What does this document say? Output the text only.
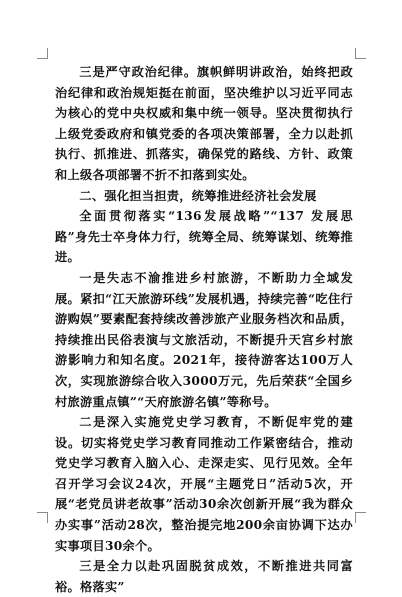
三是严守政治纪律。旗帜鲜明讲政治，始终把政治纪律和政治规矩挺在前面，坚决维护以习近平同志为核心的党中央权威和集中统一领导。坚决贯彻执行上级党委政府和镇党委的各项决策部署，全力以赴抓执行、抓推进、抓落实，确保党的路线、方针、政策和上级各项部署不折不扣落到实处。

二、强化担当担责，统筹推进经济社会发展

全面贯彻落实“136发展战略”“137 发展思路”身先士卒身体力行，统筹全局、统筹谋划、统筹推进。

一是失志不渝推进乡村旅游，不断助力全域发展。紧扣“江天旅游环线”发展机遇，持续完善“吃住行游购娱”要素配套持续改善涉旅产业服务档次和品质，持续推出民俗表演与文旅活动，不断提升天宫乡村旅游影响力和知名度。2021年，接待游客达100万人次，实现旅游综合收入3000万元，先后荣获“全国乡村旅游重点镇”“天府旅游名镇”等称号。

二是深入实施党史学习教育，不断促牢党的建设。切实将党史学习教育同推动工作紧密结合，推动党史学习教育入脑入心、走深走实、见行见效。全年召开学习会议24次，开展“主题党日”活动5次，开展“老党员讲老故事”活动30余次创新开展“我为群众办实事”活动28次，整治提完地200余亩协调下达办实事项目30余个。

三是全力以赴巩固脱贫成效，不断推进共同富裕。格落实”
